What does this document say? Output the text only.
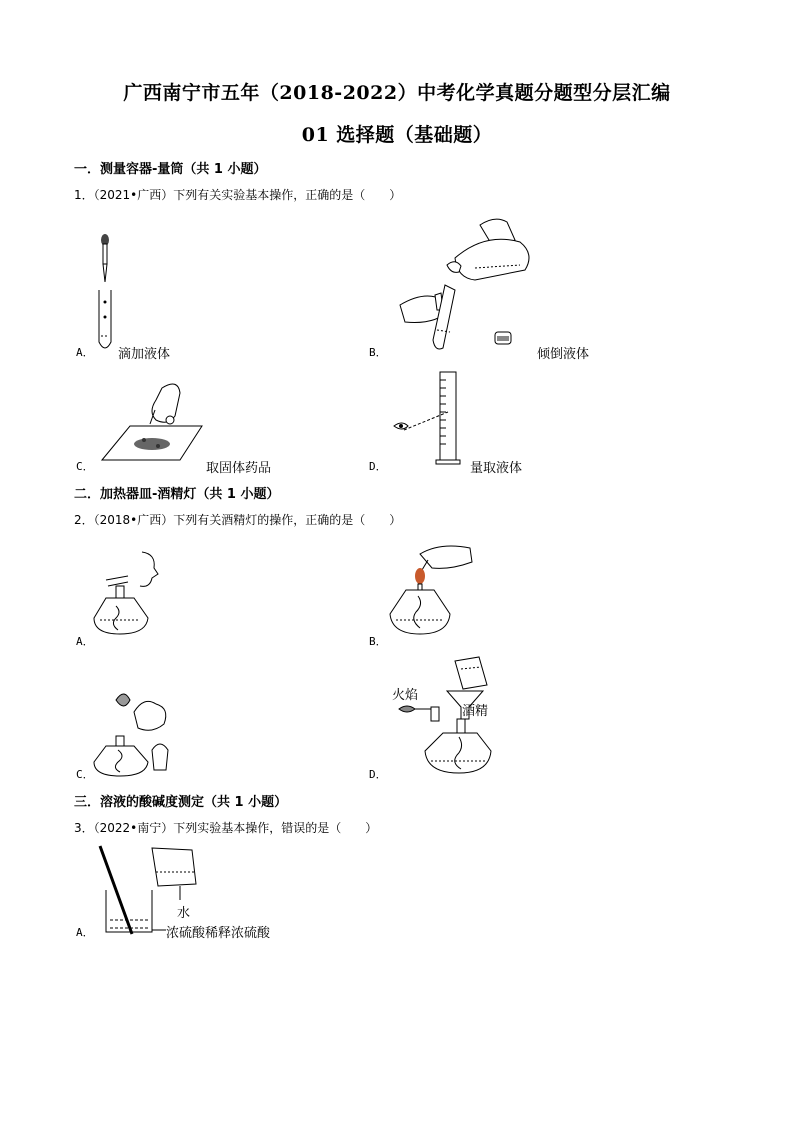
广西南宁市五年（2018-2022）中考化学真题分题型分层汇编
01 选择题（基础题）
一．测量容器-量筒（共 1 小题）
1．（2021•广西）下列有关实验基本操作，正确的是（　　）
A． 滴加液体	B．	倾倒液体
C．	取固体药品	D．	量取液体
二．加热器皿-酒精灯（共 1 小题）
2．（2018•广西）下列有关酒精灯的操作，正确的是（　　）
A．	B．
C．
火焰
酒精
D．
三．溶液的酸碱度测定（共 1 小题）
3．（2022•南宁）下列实验基本操作，错误的是（　　）
水
浓硫酸稀释浓硫酸
A．
